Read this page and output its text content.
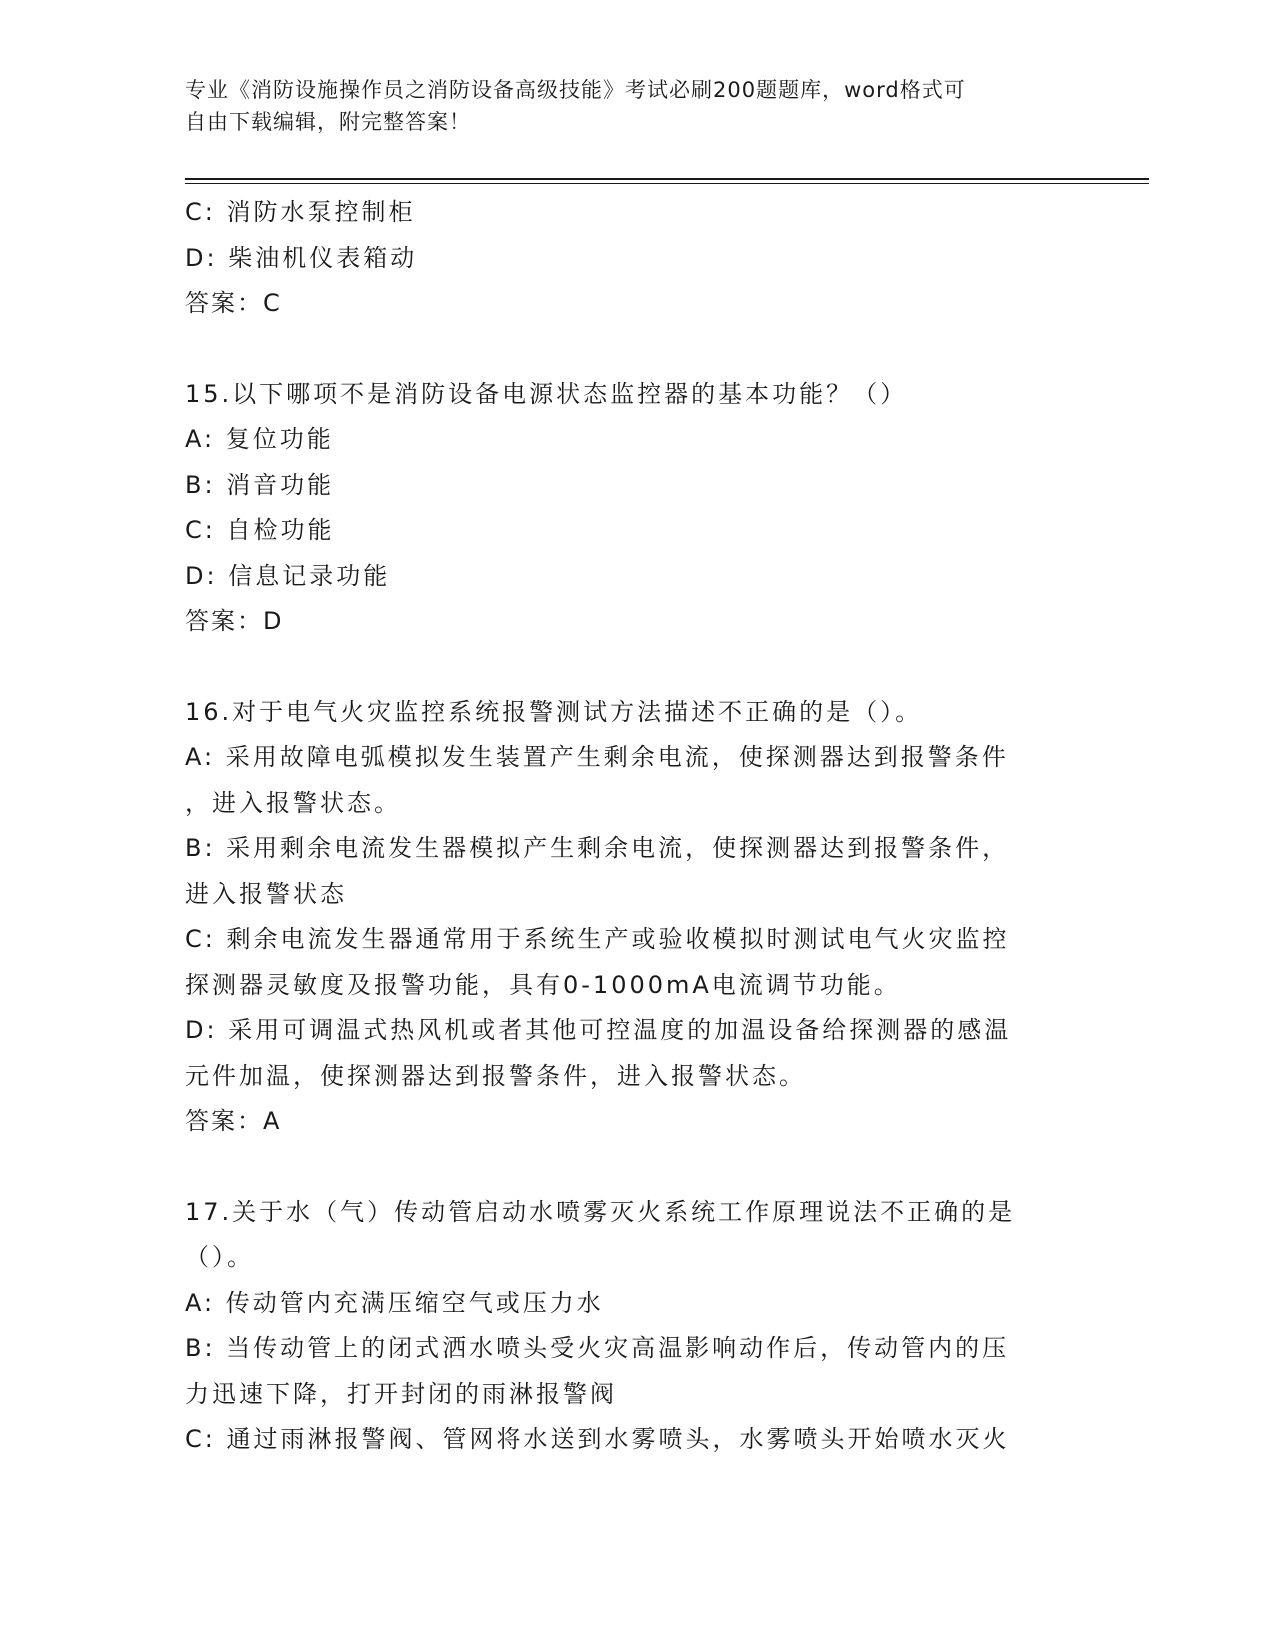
专业《消防设施操作员之消防设备高级技能》考试必刷200题题库，word格式可
自由下载编辑，附完整答案！
C: 消防水泵控制柜
D: 柴油机仪表箱动
答案：C
15.以下哪项不是消防设备电源状态监控器的基本功能？（）
A: 复位功能
B: 消音功能
C: 自检功能
D: 信息记录功能
答案：D
16.对于电气火灾监控系统报警测试方法描述不正确的是（）。
A: 采用故障电弧模拟发生装置产生剩余电流，使探测器达到报警条件
，进入报警状态。
B: 采用剩余电流发生器模拟产生剩余电流，使探测器达到报警条件，
进入报警状态
C: 剩余电流发生器通常用于系统生产或验收模拟时测试电气火灾监控
探测器灵敏度及报警功能，具有0-1000mA电流调节功能。
D: 采用可调温式热风机或者其他可控温度的加温设备给探测器的感温
元件加温，使探测器达到报警条件，进入报警状态。
答案：A
17.关于水（气）传动管启动水喷雾灭火系统工作原理说法不正确的是
（）。
A: 传动管内充满压缩空气或压力水
B: 当传动管上的闭式洒水喷头受火灾高温影响动作后，传动管内的压
力迅速下降，打开封闭的雨淋报警阀
C: 通过雨淋报警阀、管网将水送到水雾喷头，水雾喷头开始喷水灭火
